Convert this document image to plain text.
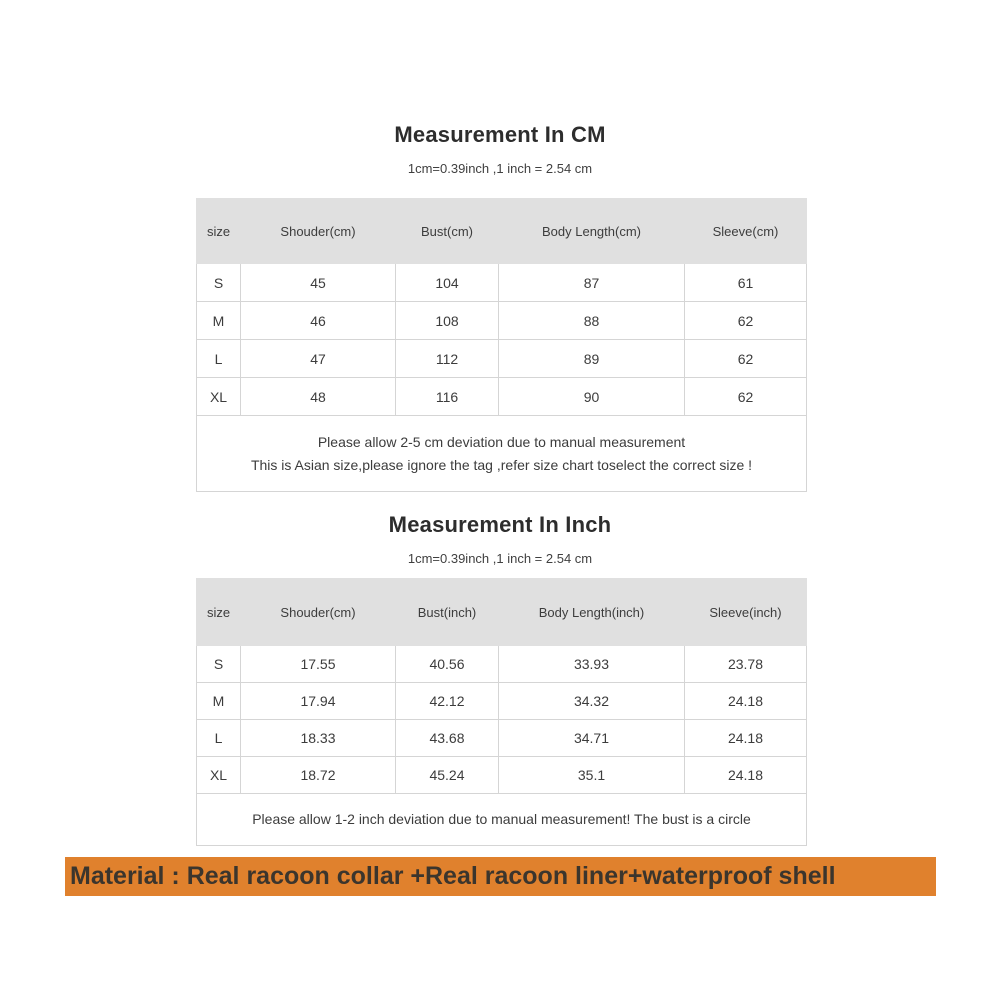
Measurement In CM
1cm=0.39inch ,1 inch = 2.54 cm
size	Shouder(cm)	Bust(cm)	Body Length(cm)	Sleeve(cm)
S	45	104	87	61
M	46	108	88	62
L	47	112	89	62
XL	48	116	90	62

Please allow 2-5 cm deviation due to manual measurement
This is Asian size,please ignore the tag ,refer size chart toselect the correct size !				
Measurement In Inch
1cm=0.39inch ,1 inch = 2.54 cm
size	Shouder(cm)	Bust(inch)	Body Length(inch)	Sleeve(inch)
S	17.55	40.56	33.93	23.78
M	17.94	42.12	34.32	24.18
L	18.33	43.68	34.71	24.18
XL	18.72	45.24	35.1	24.18
Please allow 1-2 inch deviation due to manual measurement! The bust is a circle				
Material : Real racoon collar +Real racoon liner+waterproof shell
